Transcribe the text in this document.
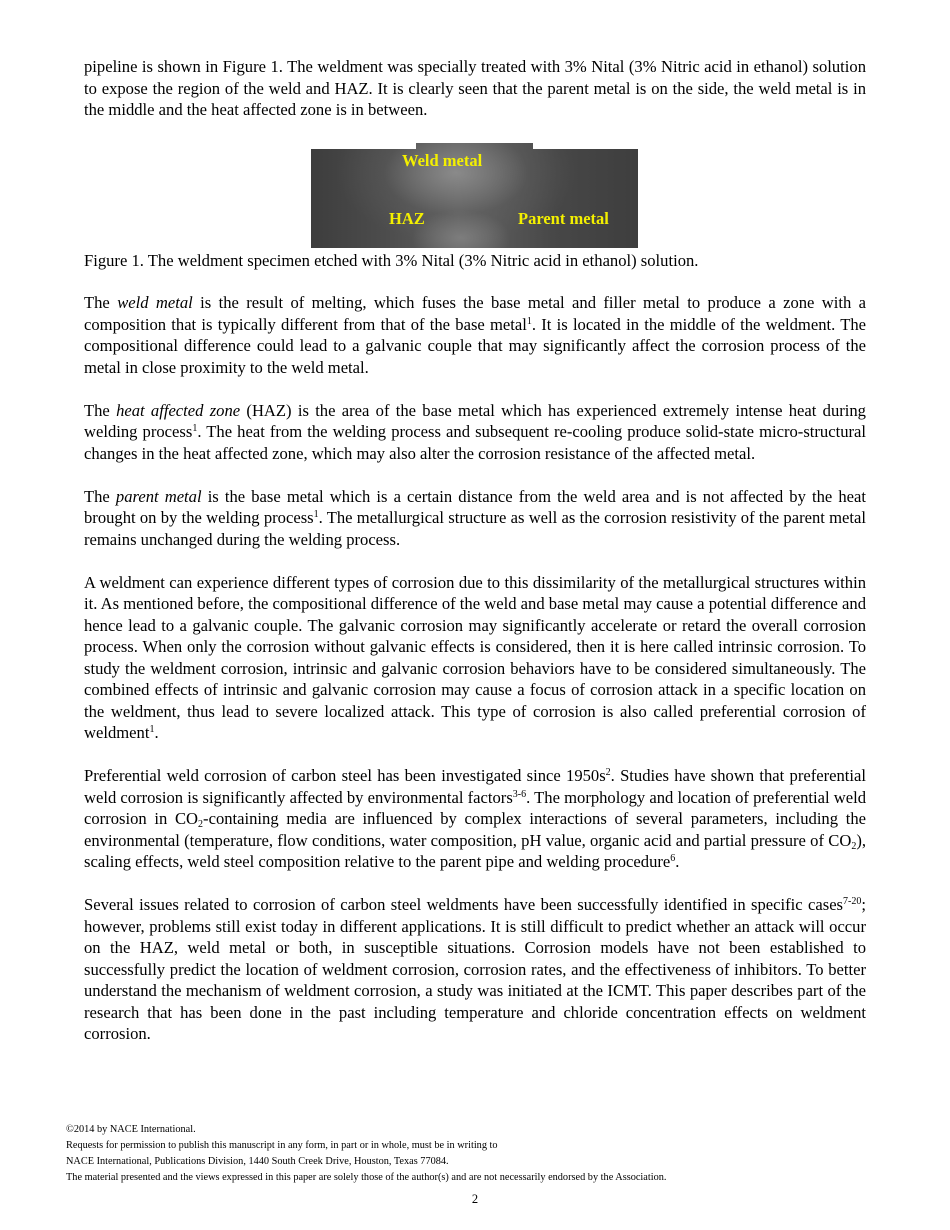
pipeline is shown in Figure 1. The weldment was specially treated with 3% Nital (3% Nitric acid in ethanol) solution to expose the region of the weld and HAZ. It is clearly seen that the parent metal is on the side, the weld metal is in the middle and the heat affected zone is in between.

Weld metal
HAZ	Parent metal
Figure 1. The weldment specimen etched with 3% Nital (3% Nitric acid in ethanol) solution.

The weld metal is the result of melting, which fuses the base metal and filler metal to produce a zone with a composition that is typically different from that of the base metal$^1$. It is located in the middle of the weldment. The compositional difference could lead to a galvanic couple that may significantly affect the corrosion process of the metal in close proximity to the weld metal.

The heat affected zone (HAZ) is the area of the base metal which has experienced extremely intense heat during welding process$^1$. The heat from the welding process and subsequent re-cooling produce solid-state micro-structural changes in the heat affected zone, which may also alter the corrosion resistance of the affected metal.

The parent metal is the base metal which is a certain distance from the weld area and is not affected by the heat brought on by the welding process$^1$. The metallurgical structure as well as the corrosion resistivity of the parent metal remains unchanged during the welding process.

A weldment can experience different types of corrosion due to this dissimilarity of the metallurgical structures within it. As mentioned before, the compositional difference of the weld and base metal may cause a potential difference and hence lead to a galvanic couple. The galvanic corrosion may significantly accelerate or retard the overall corrosion process. When only the corrosion without galvanic effects is considered, then it is here called intrinsic corrosion. To study the weldment corrosion, intrinsic and galvanic corrosion behaviors have to be considered simultaneously. The combined effects of intrinsic and galvanic corrosion may cause a focus of corrosion attack in a specific location on the weldment, thus lead to severe localized attack. This type of corrosion is also called preferential corrosion of weldment$^1$.

Preferential weld corrosion of carbon steel has been investigated since $1950s^2$. Studies have shown that preferential weld corrosion is significantly affected by environmental factors$^{3-6}$. The morphology and location of preferential weld corrosion in $CO_2$-containing media are influenced by complex interactions of several parameters, including the environmental (temperature, flow conditions, water composition, pH value, organic acid and partial pressure of $CO_2$), scaling effects, weld steel composition relative to the parent pipe and welding procedure$^6$.

Several issues related to corrosion of carbon steel weldments have been successfully identified in specific cases$^{7-20}$; however, problems still exist today in different applications. It is still difficult to predict whether an attack will occur on the HAZ, weld metal or both, in susceptible situations. Corrosion models have not been established to successfully predict the location of weldment corrosion, corrosion rates, and the effectiveness of inhibitors. To better understand the mechanism of weldment corrosion, a study was initiated at the ICMT. This paper describes part of the research that has been done in the past including temperature and chloride concentration effects on weldment corrosion.

©2014 by NACE International.
Requests for permission to publish this manuscript in any form, in part or in whole, must be in writing to
NACE International, Publications Division, 1440 South Creek Drive, Houston, Texas 77084.
The material presented and the views expressed in this paper are solely those of the author(s) and are not necessarily endorsed by the Association.
2
